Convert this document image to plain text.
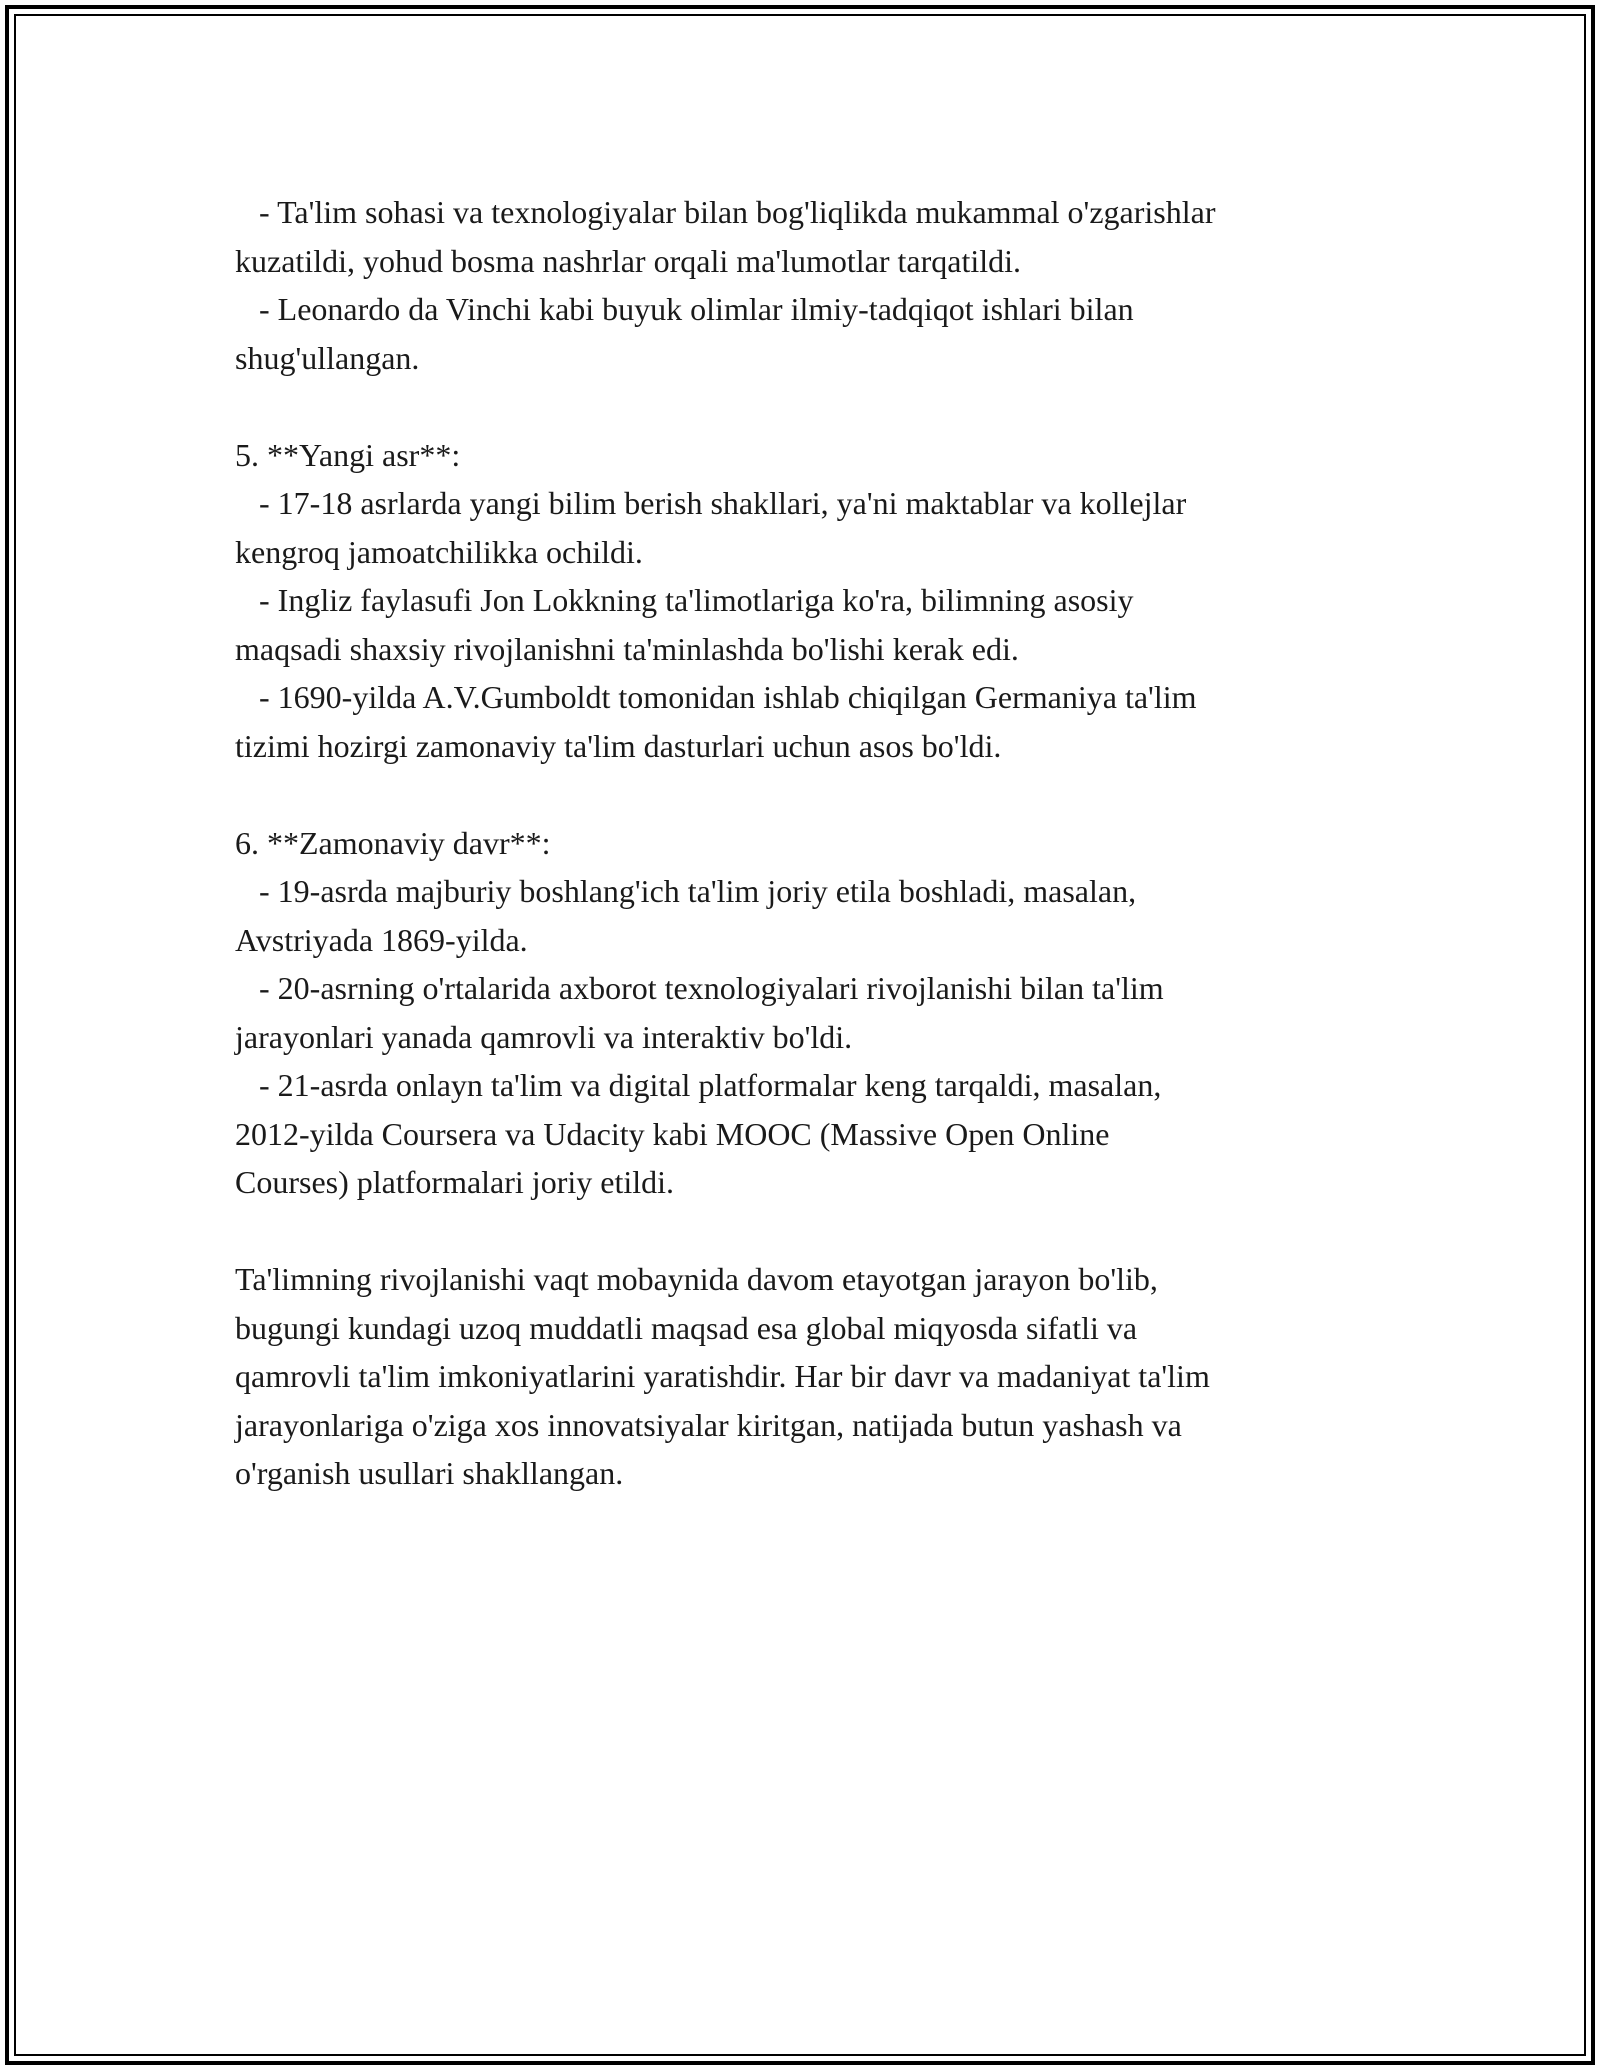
- Ta'lim sohasi va texnologiyalar bilan bog'liqlikda mukammal o'zgarishlar
kuzatildi, yohud bosma nashrlar orqali ma'lumotlar tarqatildi.
- Leonardo da Vinchi kabi buyuk olimlar ilmiy-tadqiqot ishlari bilan
shug'ullangan.
5. **Yangi asr**:
- 17-18 asrlarda yangi bilim berish shakllari, ya'ni maktablar va kollejlar
kengroq jamoatchilikka ochildi.
- Ingliz faylasufi Jon Lokkning ta'limotlariga ko'ra, bilimning asosiy
maqsadi shaxsiy rivojlanishni ta'minlashda bo'lishi kerak edi.
- 1690-yilda A.V.Gumboldt tomonidan ishlab chiqilgan Germaniya ta'lim
tizimi hozirgi zamonaviy ta'lim dasturlari uchun asos bo'ldi.
6. **Zamonaviy davr**:
- 19-asrda majburiy boshlang'ich ta'lim joriy etila boshladi, masalan,
Avstriyada 1869-yilda.
- 20-asrning o'rtalarida axborot texnologiyalari rivojlanishi bilan ta'lim
jarayonlari yanada qamrovli va interaktiv bo'ldi.
- 21-asrda onlayn ta'lim va digital platformalar keng tarqaldi, masalan,
2012-yilda Coursera va Udacity kabi MOOC (Massive Open Online
Courses) platformalari joriy etildi.
Ta'limning rivojlanishi vaqt mobaynida davom etayotgan jarayon bo'lib,
bugungi kundagi uzoq muddatli maqsad esa global miqyosda sifatli va
qamrovli ta'lim imkoniyatlarini yaratishdir. Har bir davr va madaniyat ta'lim
jarayonlariga o'ziga xos innovatsiyalar kiritgan, natijada butun yashash va
o'rganish usullari shakllangan.
